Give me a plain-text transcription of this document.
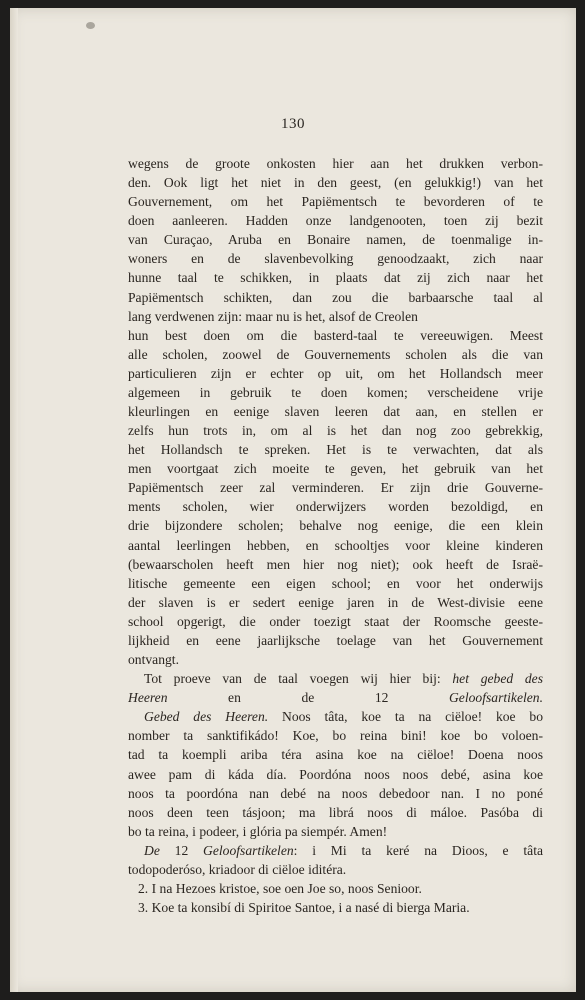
130
wegens de groote onkosten hier aan het drukken verbon-
den. Ook ligt het niet in den geest, (en gelukkig!) van het
Gouvernement, om het Papiëmentsch te bevorderen of te
doen aanleeren. Hadden onze landgenooten, toen zij bezit
van Curaçao, Aruba en Bonaire namen, de toenmalige in-
woners en de slavenbevolking genoodzaakt, zich naar
hunne taal te schikken, in plaats dat zij zich naar het
Papiëmentsch schikten, dan zou die barbaarsche taal al
lang verdwenen zijn: maar nu is het, alsof de Creolen
hun best doen om die basterd-taal te vereeuwigen. Meest
alle scholen, zoowel de Gouvernements scholen als die van
particulieren zijn er echter op uit, om het Hollandsch meer
algemeen in gebruik te doen komen; verscheidene vrije
kleurlingen en eenige slaven leeren dat aan, en stellen er
zelfs hun trots in, om al is het dan nog zoo gebrekkig,
het Hollandsch te spreken. Het is te verwachten, dat als
men voortgaat zich moeite te geven, het gebruik van het
Papiëmentsch zeer zal verminderen. Er zijn drie Gouverne-
ments scholen, wier onderwijzers worden bezoldigd, en
drie bijzondere scholen; behalve nog eenige, die een klein
aantal leerlingen hebben, en schooltjes voor kleine kinderen
(bewaarscholen heeft men hier nog niet); ook heeft de Israë-
litische gemeente een eigen school; en voor het onderwijs
der slaven is er sedert eenige jaren in de West-divisie eene
school opgerigt, die onder toezigt staat der Roomsche geeste-
lijkheid en eene jaarlijksche toelage van het Gouvernement
ontvangt.
Tot proeve van de taal voegen wij hier bij: het gebed des
Heeren en de 12 Geloofsartikelen.
Gebed des Heeren. Noos tâta, koe ta na ciëloe! koe bo
nomber ta sanktifikádo! Koe, bo reina bini! koe bo voloen-
tad ta koempli ariba téra asina koe na ciëloe! Doena noos
awee pam di káda día. Poordóna noos noos debé, asina koe
noos ta poordóna nan debé na noos debedoor nan. I no poné
noos deen teen tásjoon; ma librá noos di máloe. Pasóba di
bo ta reina, i podeer, i glória pa siempér. Amen!
De 12 Geloofsartikelen: i Mi ta keré na Dioos, e tâta
todopoderóso, kriadoor di ciëloe iditéra.
2. I na Hezoes kristoe, soe oen Joe so, noos Senioor.
3. Koe ta konsibí di Spiritoe Santoe, i a nasé di bierga Maria.
